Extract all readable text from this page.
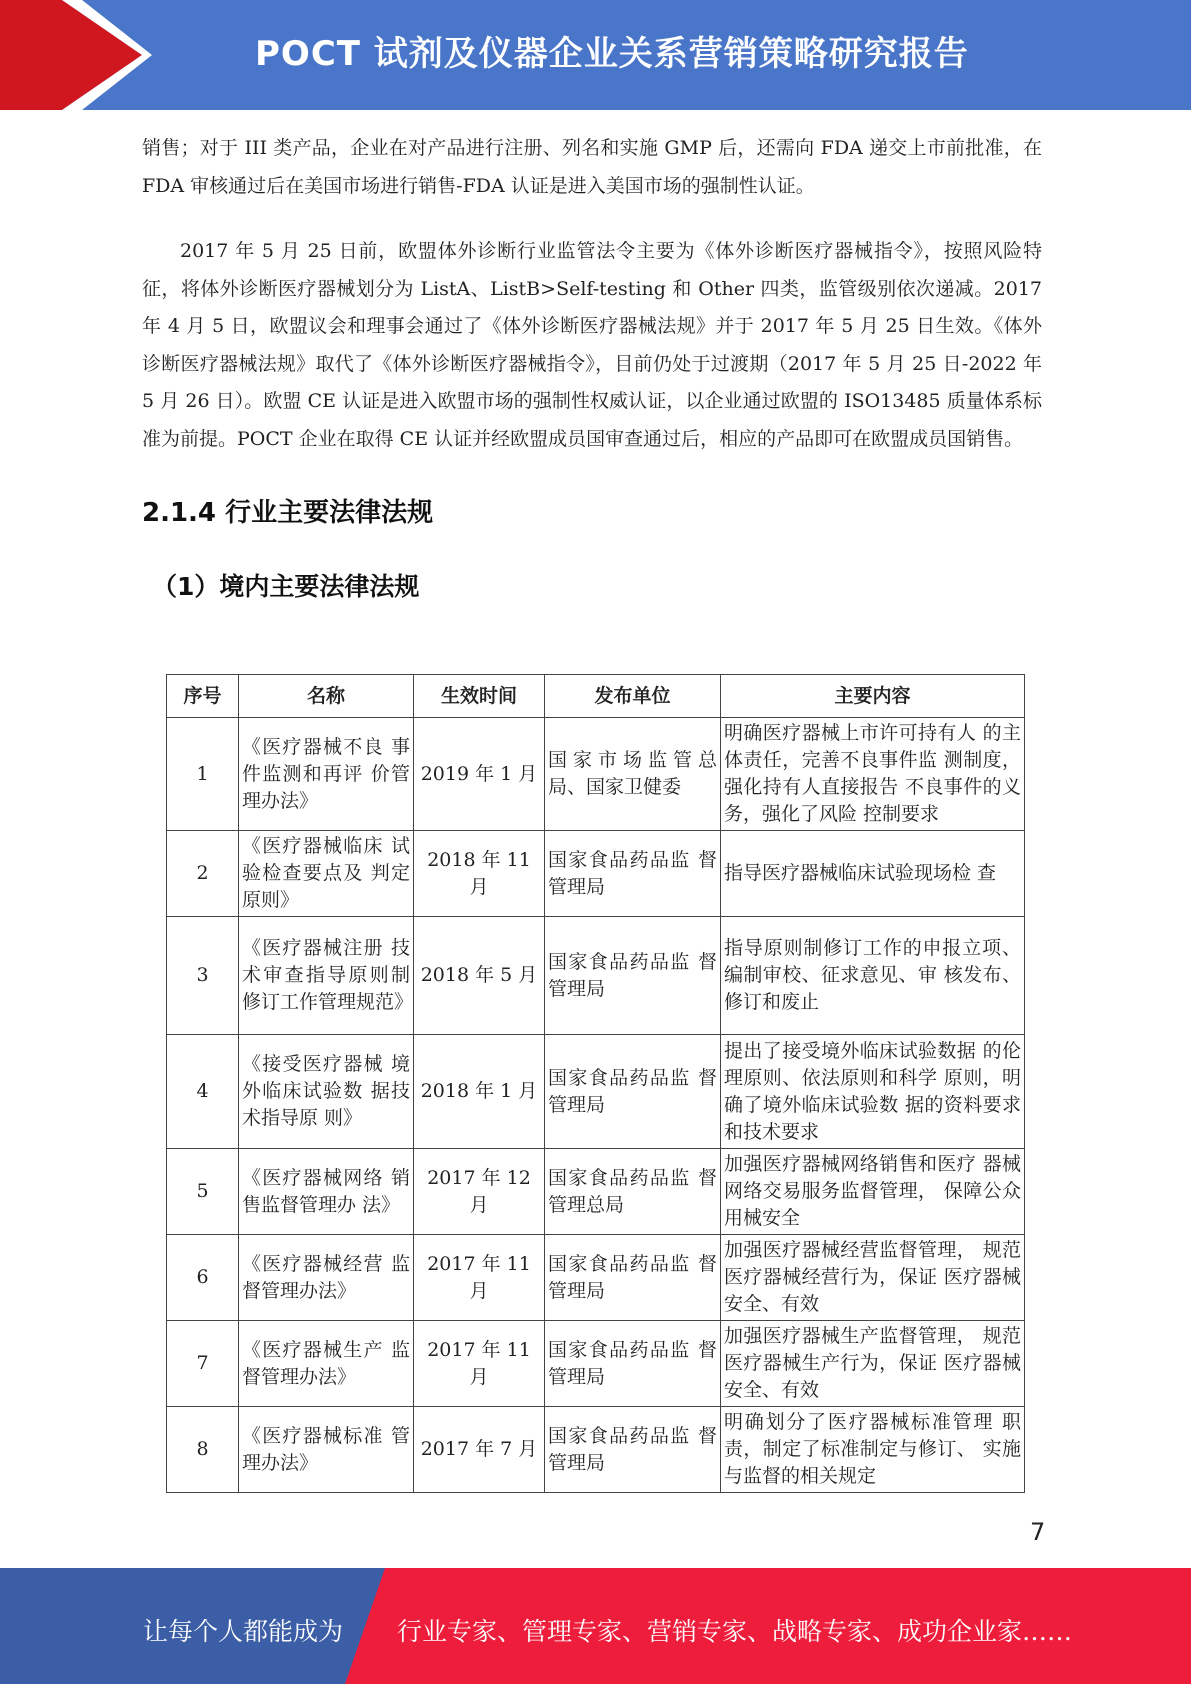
POCT 试剂及仪器企业关系营销策略研究报告

销售；对于 III 类产品，企业在对产品进行注册、列名和实施 GMP 后，还需向 FDA 递交上市前批准，在 FDA 审核通过后在美国市场进行销售-FDA 认证是进入美国市场的强制性认证。

2017 年 5 月 25 日前，欧盟体外诊断行业监管法令主要为《体外诊断医疗器械指令》，按照风险特征，将体外诊断医疗器械划分为 ListA、ListB>Self-testing 和 Other 四类，监管级别依次递减。2017 年 4 月 5 日，欧盟议会和理事会通过了《体外诊断医疗器械法规》并于 2017 年 5 月 25 日生效。《体外诊断医疗器械法规》取代了《体外诊断医疗器械指令》，目前仍处于过渡期（2017 年 5 月 25 日-2022 年 5 月 26 日）。欧盟 CE 认证是进入欧盟市场的强制性权威认证，以企业通过欧盟的 ISO13485 质量体系标准为前提。POCT 企业在取得 CE 认证并经欧盟成员国审查通过后，相应的产品即可在欧盟成员国销售。

2.1.4 行业主要法律法规
（1）境内主要法律法规
序号	名称	生效时间	发布单位	主要内容
1	《医疗器械不良 事件监测和再评 价管理办法》	2019 年 1 月	国家市场监管总局、国家卫健委	明确医疗器械上市许可持有人 的主体责任，完善不良事件监 测制度，强化持有人直接报告 不良事件的义务，强化了风险 控制要求
2	《医疗器械临床 试验检查要点及 判定原则》	2018 年 11 月	国家食品药品监 督管理局	指导医疗器械临床试验现场检 查
3	《医疗器械注册 技术审查指导原则制修订工作管理规范》	2018 年 5 月	国家食品药品监 督管理局	指导原则制修订工作的申报立项、编制审校、征求意见、审 核发布、修订和废止
4	《接受医疗器械 境外临床试验数 据技术指导原 则》	2018 年 1 月	国家食品药品监 督管理局	提出了接受境外临床试验数据 的伦理原则、依法原则和科学 原则，明确了境外临床试验数 据的资料要求和技术要求
5	《医疗器械网络 销售监督管理办 法》	2017 年 12 月	国家食品药品监 督管理总局	加强医疗器械网络销售和医疗 器械网络交易服务监督管理， 保障公众用械安全
6	《医疗器械经营 监督管理办法》	2017 年 11 月	国家食品药品监 督管理局	加强医疗器械经营监督管理， 规范医疗器械经营行为，保证 医疗器械安全、有效
7	《医疗器械生产 监督管理办法》	2017 年 11 月	国家食品药品监 督管理局	加强医疗器械生产监督管理， 规范医疗器械生产行为，保证 医疗器械安全、有效
8	《医疗器械标准 管理办法》	2017 年 7 月	国家食品药品监 督管理局	明确划分了医疗器械标准管理 职责，制定了标准制定与修订、 实施与监督的相关规定
7
让每个人都能成为 行业专家、管理专家、营销专家、战略专家、成功企业家……
